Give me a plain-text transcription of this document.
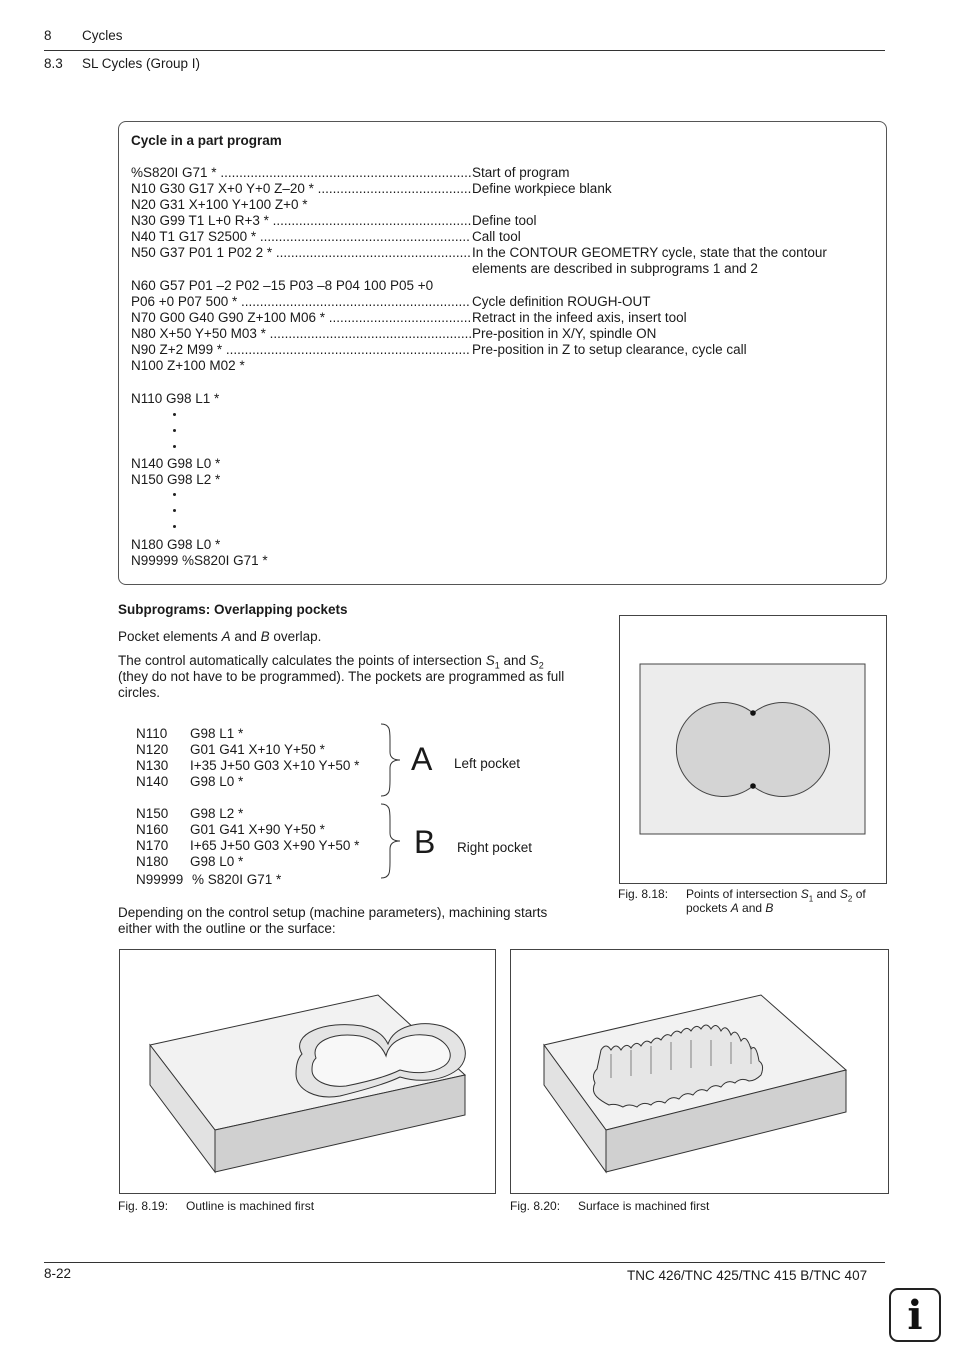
8 Cycles
8.3 SL Cycles (Group I)
Cycle in a part program
%S820I G71 * .....	Start of program
N10 G30 G17 X+0 Y+0 Z–20 * .....	Define workpiece blank
N20 G31 X+100 Y+100 Z+0 *
N30 G99 T1 L+0 R+3 * .....	Define tool
N40 T1 G17 S2500 * .....	Call tool
N50 G37 P01 1 P02 2 * .....	In the CONTOUR GEOMETRY cycle, state that the contour
elements are described in subprograms 1 and 2
N60 G57 P01 –2 P02 –15 P03 –8 P04 100 P05 +0
P06 +0 P07 500 * .....	Cycle definition ROUGH-OUT
N70 G00 G40 G90 Z+100 M06 * .....	Retract in the infeed axis, insert tool
N80 X+50 Y+50 M03 * .....	Pre-position in X/Y, spindle ON
N90 Z+2 M99 * .....	Pre-position in Z to setup clearance, cycle call
N100 Z+100 M02 *
N110 G98 L1 *
N140 G98 L0 *
N150 G98 L2 *
N180 G98 L0 *
N99999 %S820I G71 *
Subprograms: Overlapping pockets
Pocket elements A and B overlap.
The control automatically calculates the points of intersection $S_1$ and $S_2$
(they do not have to be programmed). The pockets are programmed as full
circles.
N110 G98 L1 *
N120 G01 G41 X+10 Y+50 *
N130 I+35 J+50 G03 X+10 Y+50 *
N140 G98 L0 *
A Left pocket
N150 G98 L2 *
N160 G01 G41 X+90 Y+50 *
N170 I+65 J+50 G03 X+90 Y+50 *
N180 G98 L0 *
N99999 % S820I G71 *
B Right pocket
Depending on the control setup (machine parameters), machining starts
either with the outline or the surface:
Fig. 8.18: Points of intersection $S_1$ and $S_2$ of
pockets A and B
Fig. 8.19: Outline is machined first	Fig. 8.20: Surface is machined first
8-22	TNC 426/TNC 425/TNC 415 B/TNC 407
i
